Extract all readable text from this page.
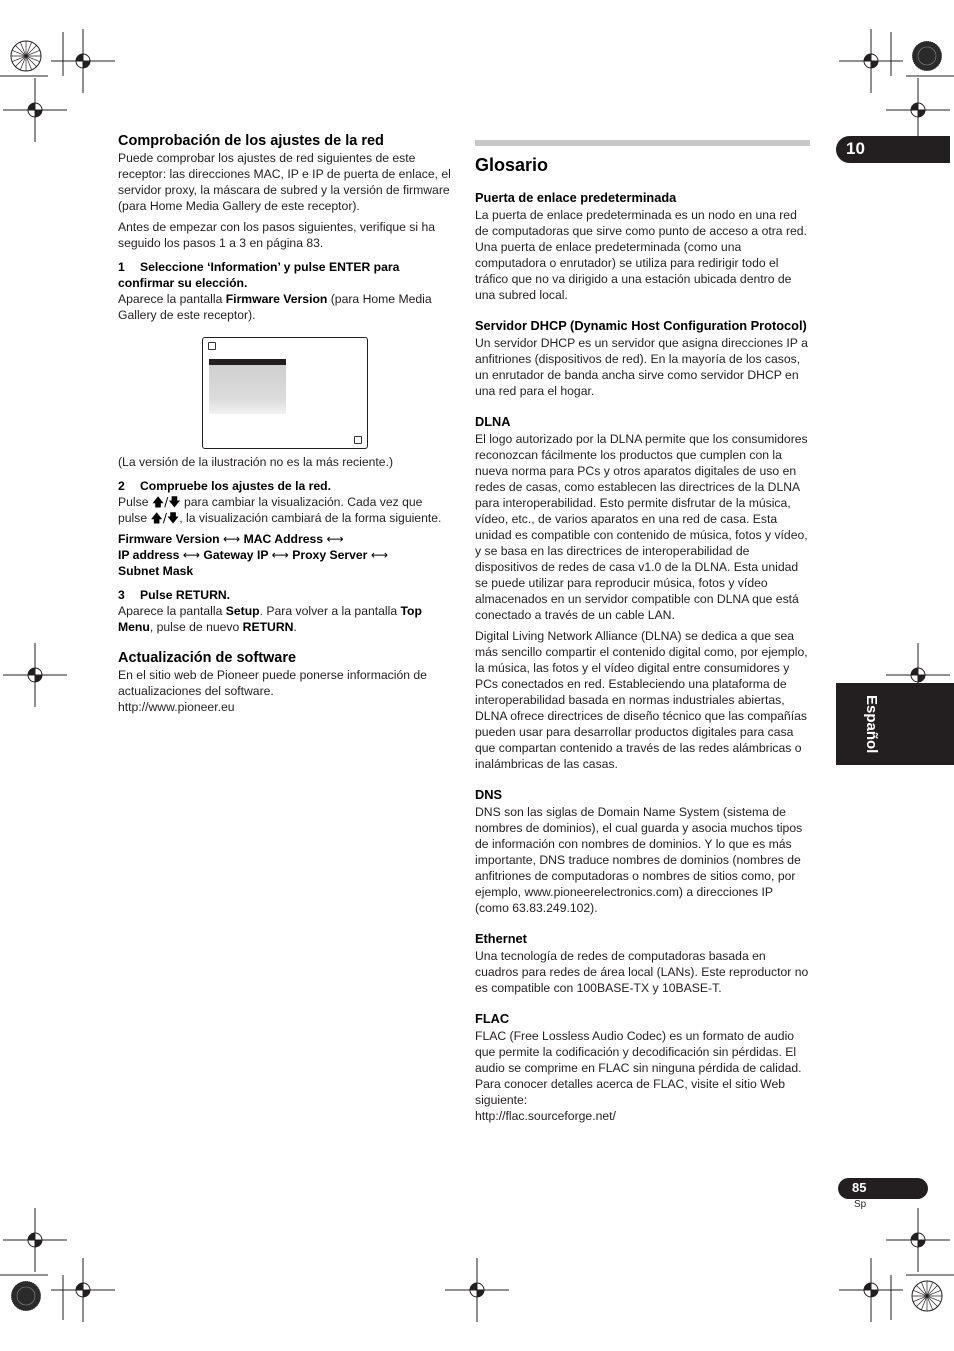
Comprobación de los ajustes de la red

Puede comprobar los ajustes de red siguientes de este receptor: las direcciones MAC, IP e IP de puerta de enlace, el servidor proxy, la máscara de subred y la versión de firmware (para Home Media Gallery de este receptor).

Antes de empezar con los pasos siguientes, verifique si ha seguido los pasos 1 a 3 en página 83.

1 Seleccione ‘Information’ y pulse ENTER para confirmar su elección.

Aparece la pantalla Firmware Version (para Home Media Gallery de este receptor).

(La versión de la ilustración no es la más reciente.)

2 Compruebe los ajustes de la red.

Pulse 🡅/🡇 para cambiar la visualización. Cada vez que pulse 🡅/🡇, la visualización cambiará de la forma siguiente.

Firmware Version ⟷ MAC Address ⟷
IP address ⟷ Gateway IP ⟷ Proxy Server ⟷
Subnet Mask
3 Pulse RETURN.

Aparece la pantalla Setup. Para volver a la pantalla Top Menu, pulse de nuevo RETURN.

Actualización de software

En el sitio web de Pioneer puede ponerse información de actualizaciones del software.

http://www.pioneer.eu

Glosario
Puerta de enlace predeterminada

La puerta de enlace predeterminada es un nodo en una red de computadoras que sirve como punto de acceso a otra red. Una puerta de enlace predeterminada (como una computadora o enrutador) se utiliza para redirigir todo el tráfico que no va dirigido a una estación ubicada dentro de una subred local.

Servidor DHCP (Dynamic Host Configuration Protocol)

Un servidor DHCP es un servidor que asigna direcciones IP a anfitriones (dispositivos de red). En la mayoría de los casos, un enrutador de banda ancha sirve como servidor DHCP en una red para el hogar.

DLNA

El logo autorizado por la DLNA permite que los consumidores reconozcan fácilmente los productos que cumplen con la nueva norma para PCs y otros aparatos digitales de uso en redes de casas, como establecen las directrices de la DLNA para interoperabilidad. Esto permite disfrutar de la música, vídeo, etc., de varios aparatos en una red de casa. Esta unidad es compatible con contenido de música, fotos y vídeo, y se basa en las directrices de interoperabilidad de dispositivos de redes de casa v1.0 de la DLNA. Esta unidad se puede utilizar para reproducir música, fotos y vídeo almacenados en un servidor compatible con DLNA que está conectado a través de un cable LAN.

Digital Living Network Alliance (DLNA) se dedica a que sea más sencillo compartir el contenido digital como, por ejemplo, la música, las fotos y el vídeo digital entre consumidores y PCs conectados en red. Estableciendo una plataforma de interoperabilidad basada en normas industriales abiertas, DLNA ofrece directrices de diseño técnico que las compañías pueden usar para desarrollar productos digitales para casa que compartan contenido a través de las redes alámbricas o inalámbricas de las casas.

DNS

DNS son las siglas de Domain Name System (sistema de nombres de dominios), el cual guarda y asocia muchos tipos de información con nombres de dominios. Y lo que es más importante, DNS traduce nombres de dominios (nombres de anfitriones de computadoras o nombres de sitios como, por ejemplo, www.pioneerelectronics.com) a direcciones IP (como 63.83.249.102).

Ethernet

Una tecnología de redes de computadoras basada en cuadros para redes de área local (LANs). Este reproductor no es compatible con 100BASE-TX y 10BASE-T.

FLAC

FLAC (Free Lossless Audio Codec) es un formato de audio que permite la codificación y decodificación sin pérdidas. El audio se comprime en FLAC sin ninguna pérdida de calidad. Para conocer detalles acerca de FLAC, visite el sitio Web siguiente:

http://flac.sourceforge.net/

10
Español
85
Sp
